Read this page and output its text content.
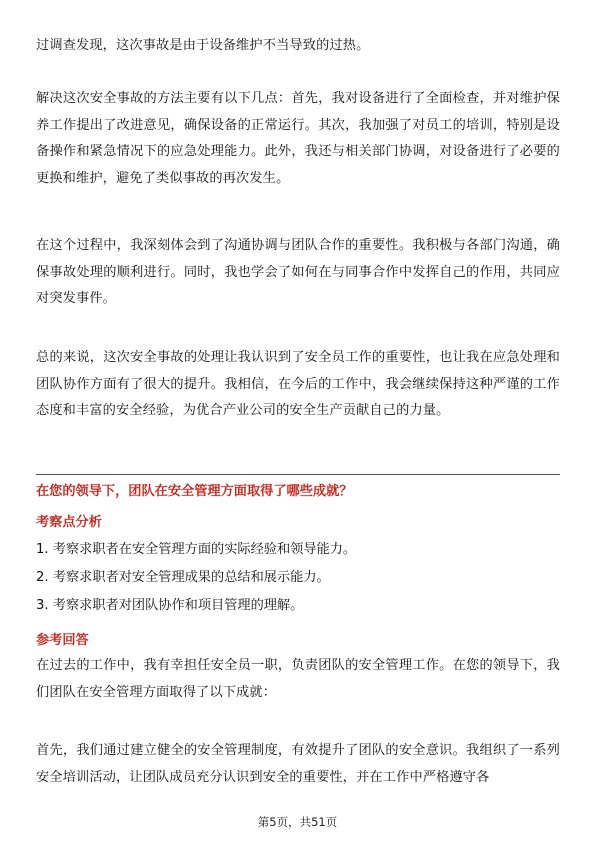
过调查发现，这次事故是由于设备维护不当导致的过热。

解决这次安全事故的方法主要有以下几点：首先，我对设备进行了全面检查，并对维护保养工作提出了改进意见，确保设备的正常运行。其次，我加强了对员工的培训，特别是设备操作和紧急情况下的应急处理能力。此外，我还与相关部门协调，对设备进行了必要的更换和维护，避免了类似事故的再次发生。

在这个过程中，我深刻体会到了沟通协调与团队合作的重要性。我积极与各部门沟通，确保事故处理的顺利进行。同时，我也学会了如何在与同事合作中发挥自己的作用，共同应对突发事件。

总的来说，这次安全事故的处理让我认识到了安全员工作的重要性，也让我在应急处理和团队协作方面有了很大的提升。我相信，在今后的工作中，我会继续保持这种严谨的工作态度和丰富的安全经验，为优合产业公司的安全生产贡献自己的力量。

在您的领导下，团队在安全管理方面取得了哪些成就？

考察点分析

1. 考察求职者在安全管理方面的实际经验和领导能力。

2. 考察求职者对安全管理成果的总结和展示能力。

3. 考察求职者对团队协作和项目管理的理解。

参考回答

在过去的工作中，我有幸担任安全员一职，负责团队的安全管理工作。在您的领导下，我们团队在安全管理方面取得了以下成就：

首先，我们通过建立健全的安全管理制度，有效提升了团队的安全意识。我组织了一系列安全培训活动，让团队成员充分认识到安全的重要性，并在工作中严格遵守各

第5页，共51页
